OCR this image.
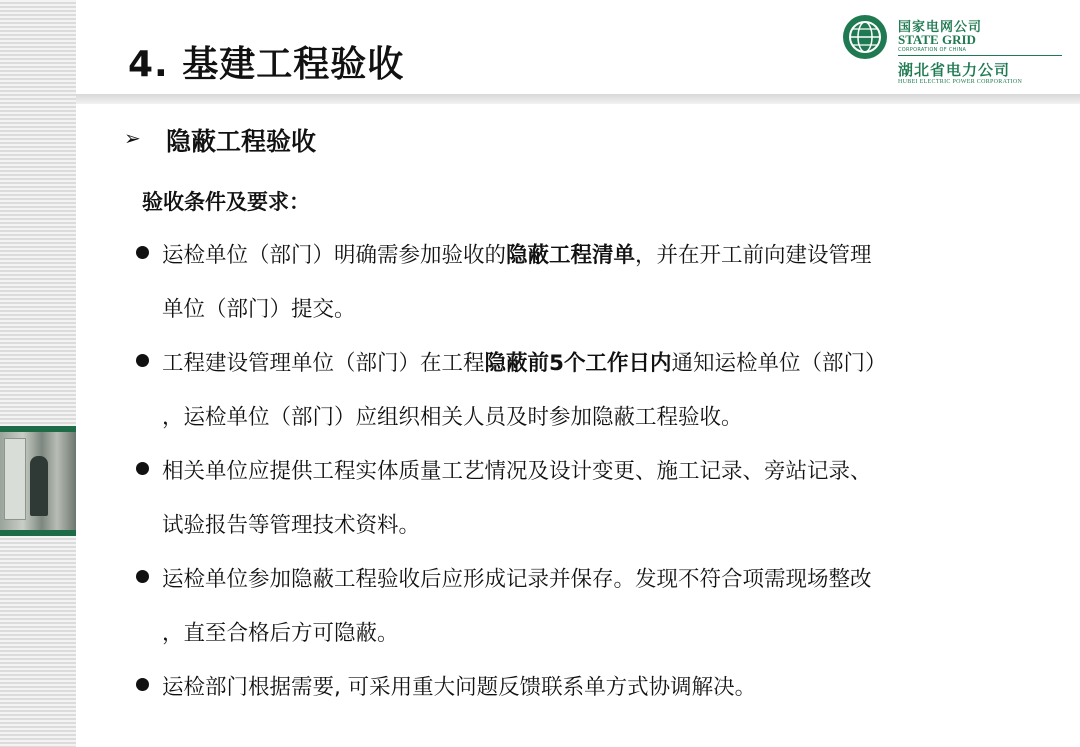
4. 基建工程验收
国家电网公司
STATE GRID
CORPORATION OF CHINA
湖北省电力公司
HUBEI ELECTRIC POWER CORPORATION
➢ 隐蔽工程验收
验收条件及要求：
运检单位（部门）明确需参加验收的隐蔽工程清单，并在开工前向建设管理
单位（部门）提交。
工程建设管理单位（部门）在工程隐蔽前5个工作日内通知运检单位（部门）
，运检单位（部门）应组织相关人员及时参加隐蔽工程验收。
相关单位应提供工程实体质量工艺情况及设计变更、施工记录、旁站记录、
试验报告等管理技术资料。
运检单位参加隐蔽工程验收后应形成记录并保存。发现不符合项需现场整改
，直至合格后方可隐蔽。
运检部门根据需要, 可采用重大问题反馈联系单方式协调解决。
